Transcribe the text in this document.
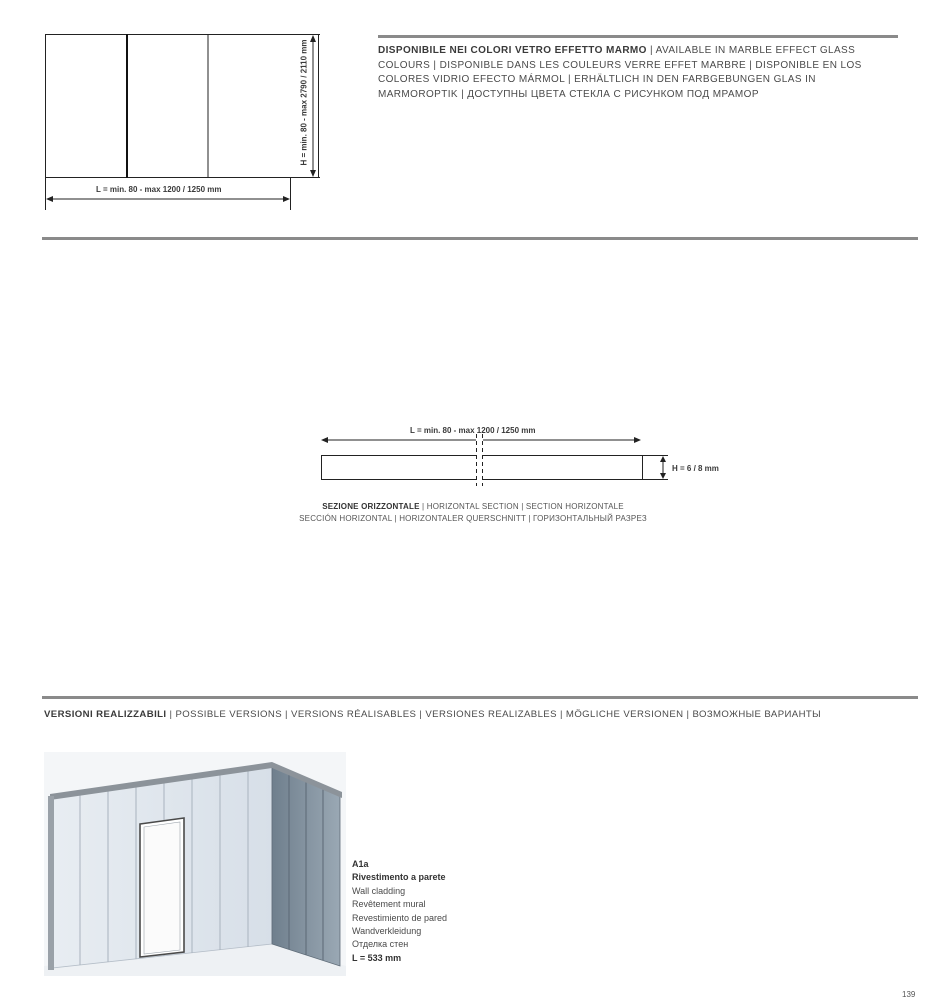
L = min. 80 - max 1200 / 1250 mm
H = min. 80 - max 2790 / 2110 mm	DISPONIBILE NEI COLORI VETRO EFFETTO MARMO | AVAILABLE IN MARBLE EFFECT GLASS COLOURS | DISPONIBLE DANS LES COULEURS VERRE EFFET MARBRE | DISPONIBLE EN LOS COLORES VIDRIO EFECTO MÁRMOL | ERHÄLTLICH IN DEN FARBGEBUNGEN GLAS IN MARMOROPTIK | ДОСТУПНЫ ЦВЕТА СТЕКЛА С РИСУНКОМ ПОД МРАМОР
L = min. 80 - max 1200 / 1250 mm
H = 6 / 8 mm
SEZIONE ORIZZONTALE | HORIZONTAL SECTION | SECTION HORIZONTALE
SECCIÓN HORIZONTAL | HORIZONTALER QUERSCHNITT | ГОРИЗОНТАЛЬНЫЙ РАЗРЕЗ
VERSIONI REALIZZABILI | POSSIBLE VERSIONS | VERSIONS RÉALISABLES | VERSIONES REALIZABLES | MÖGLICHE VERSIONEN | ВОЗМОЖНЫЕ ВАРИАНТЫ
A1a
Rivestimento a parete
Wall cladding
Revêtement mural
Revestimiento de pared
Wandverkleidung
Отделка стен
L = 533 mm
139
